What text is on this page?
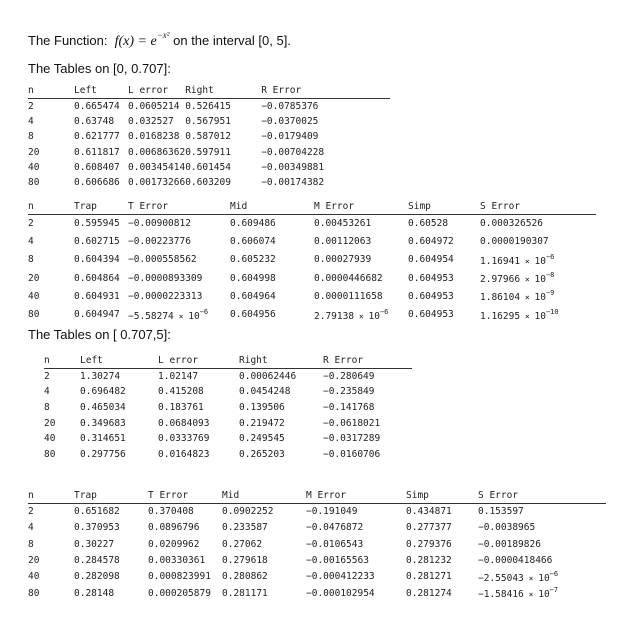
The Function: $f(x) = e^{-x^2}$ on the interval [0, 5].
The Tables on [0, 0.707]:
n	Left	L error	Right	R Error
2	0.665474	0.0605214	0.526415	−0.0785376
4	0.63748	0.032527	0.567951	−0.0370025
8	0.621777	0.0168238	0.587012	−0.0179409
20	0.611817	0.00686362	0.597911	−0.00704228
40	0.608407	0.00345414	0.601454	−0.00349881
80	0.606686	0.00173266	0.603209	−0.00174382
n	Trap	T Error	Mid	M Error	Simp	S Error
2	0.595945	−0.00900812	0.609486	0.00453261	0.60528	0.000326526
4	0.602715	−0.00223776	0.606074	0.00112063	0.604972	0.0000190307
8	0.604394	−0.000558562	0.605232	0.00027939	0.604954	$1.16941 \times 10^{-6}$
20	0.604864	−0.0000893309	0.604998	0.0000446682	0.604953	$2.97966 \times 10^{-8}$
40	0.604931	−0.0000223313	0.604964	0.0000111658	0.604953	$1.86104 \times 10^{-9}$
80	0.604947	$-5.58274 \times 10^{-6}$	0.604956	$2.79138 \times 10^{-6}$	0.604953	$1.16295 \times 10^{-10}$
The Tables on [ 0.707,5]:
n	Left	L error	Right	R Error
2	1.30274	1.02147	0.00062446	−0.280649
4	0.696482	0.415208	0.0454248	−0.235849
8	0.465034	0.183761	0.139506	−0.141768
20	0.349683	0.0684093	0.219472	−0.0618021
40	0.314651	0.0333769	0.249545	−0.0317289
80	0.297756	0.0164823	0.265203	−0.0160706
n	Trap	T Error	Mid	M Error	Simp	S Error
2	0.651682	0.370408	0.0902252	−0.191049	0.434871	0.153597
4	0.370953	0.0896796	0.233587	−0.0476872	0.277377	−0.0038965
8	0.30227	0.0209962	0.27062	−0.0106543	0.279376	−0.00189826
20	0.284578	0.00330361	0.279618	−0.00165563	0.281232	−0.0000418466
40	0.282098	0.000823991	0.280862	−0.000412233	0.281271	$-2.55043 \times 10^{-6}$
80	0.28148	0.000205879	0.281171	−0.000102954	0.281274	$-1.58416 \times 10^{-7}$
